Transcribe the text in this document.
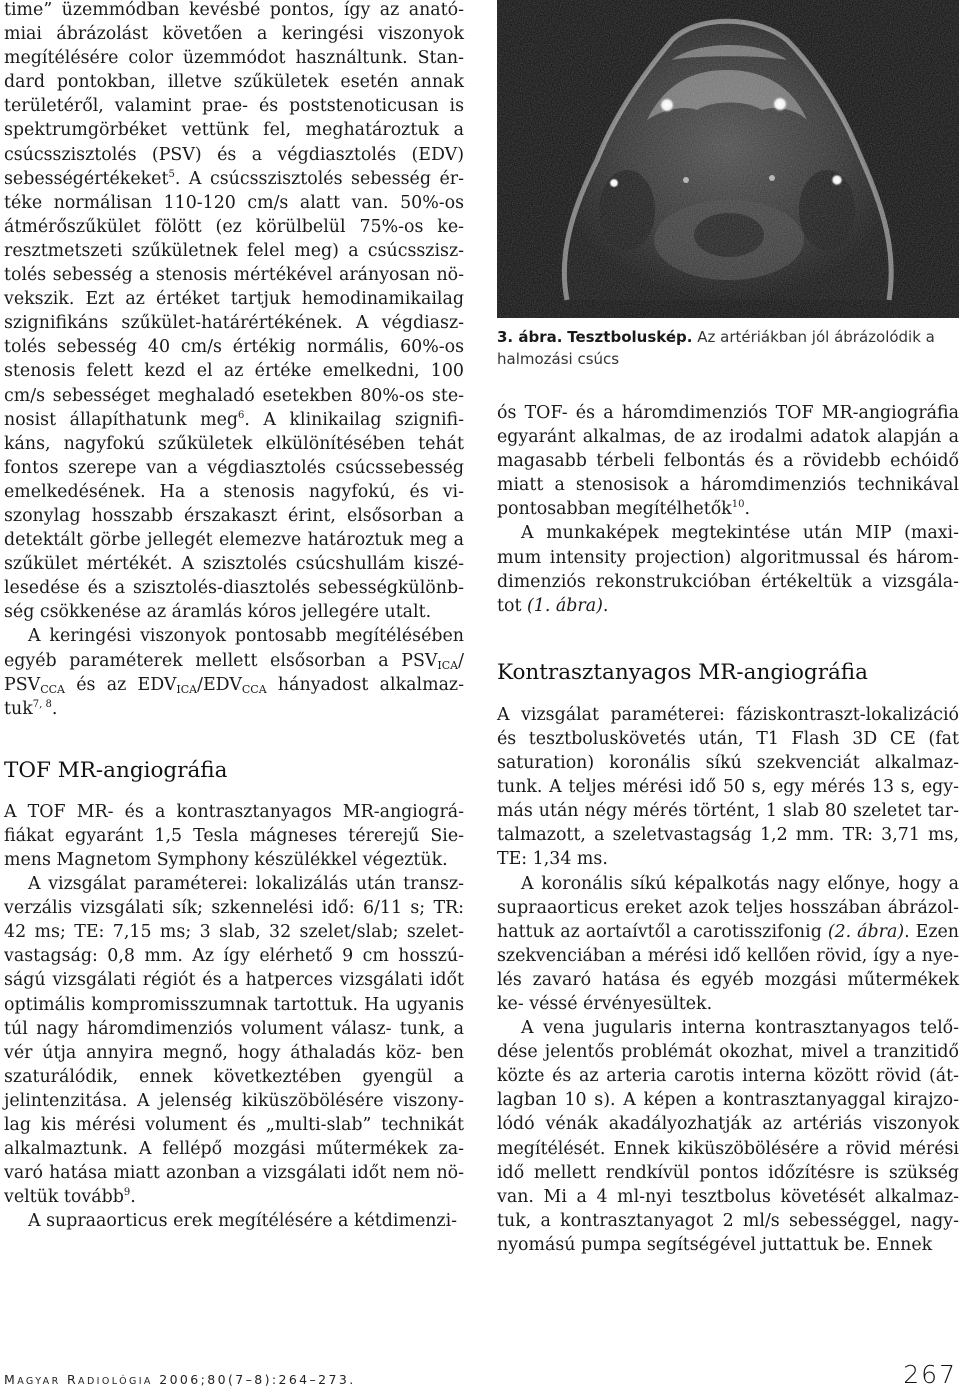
time” üzemmódban kevésbé pontos, így az anató- miai ábrázolást követően a keringési viszonyok megítélésére color üzemmódot használtunk. Stan- dard pontokban, illetve szűkületek esetén annak területéről, valamint prae- és poststenoticusan is spektrumgörbéket vettünk fel, meghatároztuk a csúcsszisztolés (PSV) és a végdiasztolés (EDV) sebességértékeket$^5$. A csúcsszisztolés sebesség ér- téke normálisan 110-120 cm/s alatt van. 50%-os átmérőszűkület fölött (ez körülbelül 75%-os ke- resztmetszeti szűkületnek felel meg) a csúcsszisz- tolés sebesség a stenosis mértékével arányosan nö- vekszik. Ezt az értéket tartjuk hemodinamikailag szignifikáns szűkület-határértékének. A végdiasz- tolés sebesség 40 cm/s értékig normális, 60%-os stenosis felett kezd el az értéke emelkedni, 100 cm/s sebességet meghaladó esetekben 80%-os ste- nosist állapíthatunk meg$^6$. A klinikailag szignifi- káns, nagyfokú szűkületek elkülönítésében tehát fontos szerepe van a végdiasztolés csúcssebesség emelkedésének. Ha a stenosis nagyfokú, és vi- szonylag hosszabb érszakaszt érint, elsősorban a detektált görbe jellegét elemezve határoztuk meg a szűkület mértékét. A szisztolés csúcshullám kiszé- lesedése és a szisztolés-diasztolés sebességkülönb- ség csökkenése az áramlás kóros jellegére utalt.

A keringési viszonyok pontosabb megítélésében egyéb paraméterek mellett elsősorban a $PSV_{ICA}/$ $PSV_{CCA}$ és az $EDV_{ICA}/EDV_{CCA}$ hányadost alkalmaz- tuk$^{7, 8}$.

TOF MR-angiográfia

A TOF MR- és a kontrasztanyagos MR-angiográ- fiákat egyaránt 1,5 Tesla mágneses térerejű Sie- mens Magnetom Symphony készülékkel végeztük.

A vizsgálat paraméterei: lokalizálás után transz- verzális vizsgálati sík; szkennelési idő: 6/11 s; TR: 42 ms; TE: 7,15 ms; 3 slab, 32 szelet/slab; szelet- vastagság: 0,8 mm. Az így elérhető 9 cm hosszú- ságú vizsgálati régiót és a hatperces vizsgálati időt optimális kompromisszumnak tartottuk. Ha ugyanis túl nagy háromdimenziós volument válasz- tunk, a vér útja annyira megnő, hogy áthaladás köz- ben szaturálódik, ennek következtében gyengül a jelintenzitása. A jelenség kiküszöbölésére viszony- lag kis mérési volument és „multi-slab” technikát alkalmaztunk. A fellépő mozgási műtermékek za- varó hatása miatt azonban a vizsgálati időt nem nö- veltük tovább$^9$.

A supraaorticus erek megítélésére a kétdimenzi-

3. ábra. Tesztboluskép. Az artériákban jól ábrázolódik a
halmozási csúcs

ós TOF- és a háromdimenziós TOF MR-angiográfia egyaránt alkalmas, de az irodalmi adatok alapján a magasabb térbeli felbontás és a rövidebb echóidő miatt a stenosisok a háromdimenziós technikával pontosabban megítélhetők$^{10}$.

A munkaképek megtekintése után MIP (maxi- mum intensity projection) algoritmussal és három- dimenziós rekonstrukcióban értékeltük a vizsgála- tot (1. ábra).

Kontrasztanyagos MR-angiográfia

A vizsgálat paraméterei: fáziskontraszt-lokalizáció és tesztboluskövetés után, T1 Flash 3D CE (fat saturation) koronális síkú szekvenciát alkalmaz- tunk. A teljes mérési idő 50 s, egy mérés 13 s, egy- más után négy mérés történt, 1 slab 80 szeletet tar- talmazott, a szeletvastagság 1,2 mm. TR: 3,71 ms, TE: 1,34 ms.

A koronális síkú képalkotás nagy előnye, hogy a supraaorticus ereket azok teljes hosszában ábrázol- hattuk az aortaívtől a carotisszifonig (2. ábra). Ezen szekvenciában a mérési idő kellően rövid, így a nye- lés zavaró hatása és egyéb mozgási műtermékek ke- véssé érvényesültek.

A vena jugularis interna kontrasztanyagos telő- dése jelentős problémát okozhat, mivel a tranzitidő közte és az arteria carotis interna között rövid (át- lagban 10 s). A képen a kontrasztanyaggal kirajzo- lódó vénák akadályozhatják az artériás viszonyok megítélését. Ennek kiküszöbölésére a rövid mérési idő mellett rendkívül pontos időzítésre is szükség van. Mi a 4 ml-nyi tesztbolus követését alkalmaz- tuk, a kontrasztanyagot 2 ml/s sebességgel, nagy- nyomású pumpa segítségével juttattuk be. Ennek

MAGYAR RADIOLÓGIA 2006;80(7–8):264–273.	267
